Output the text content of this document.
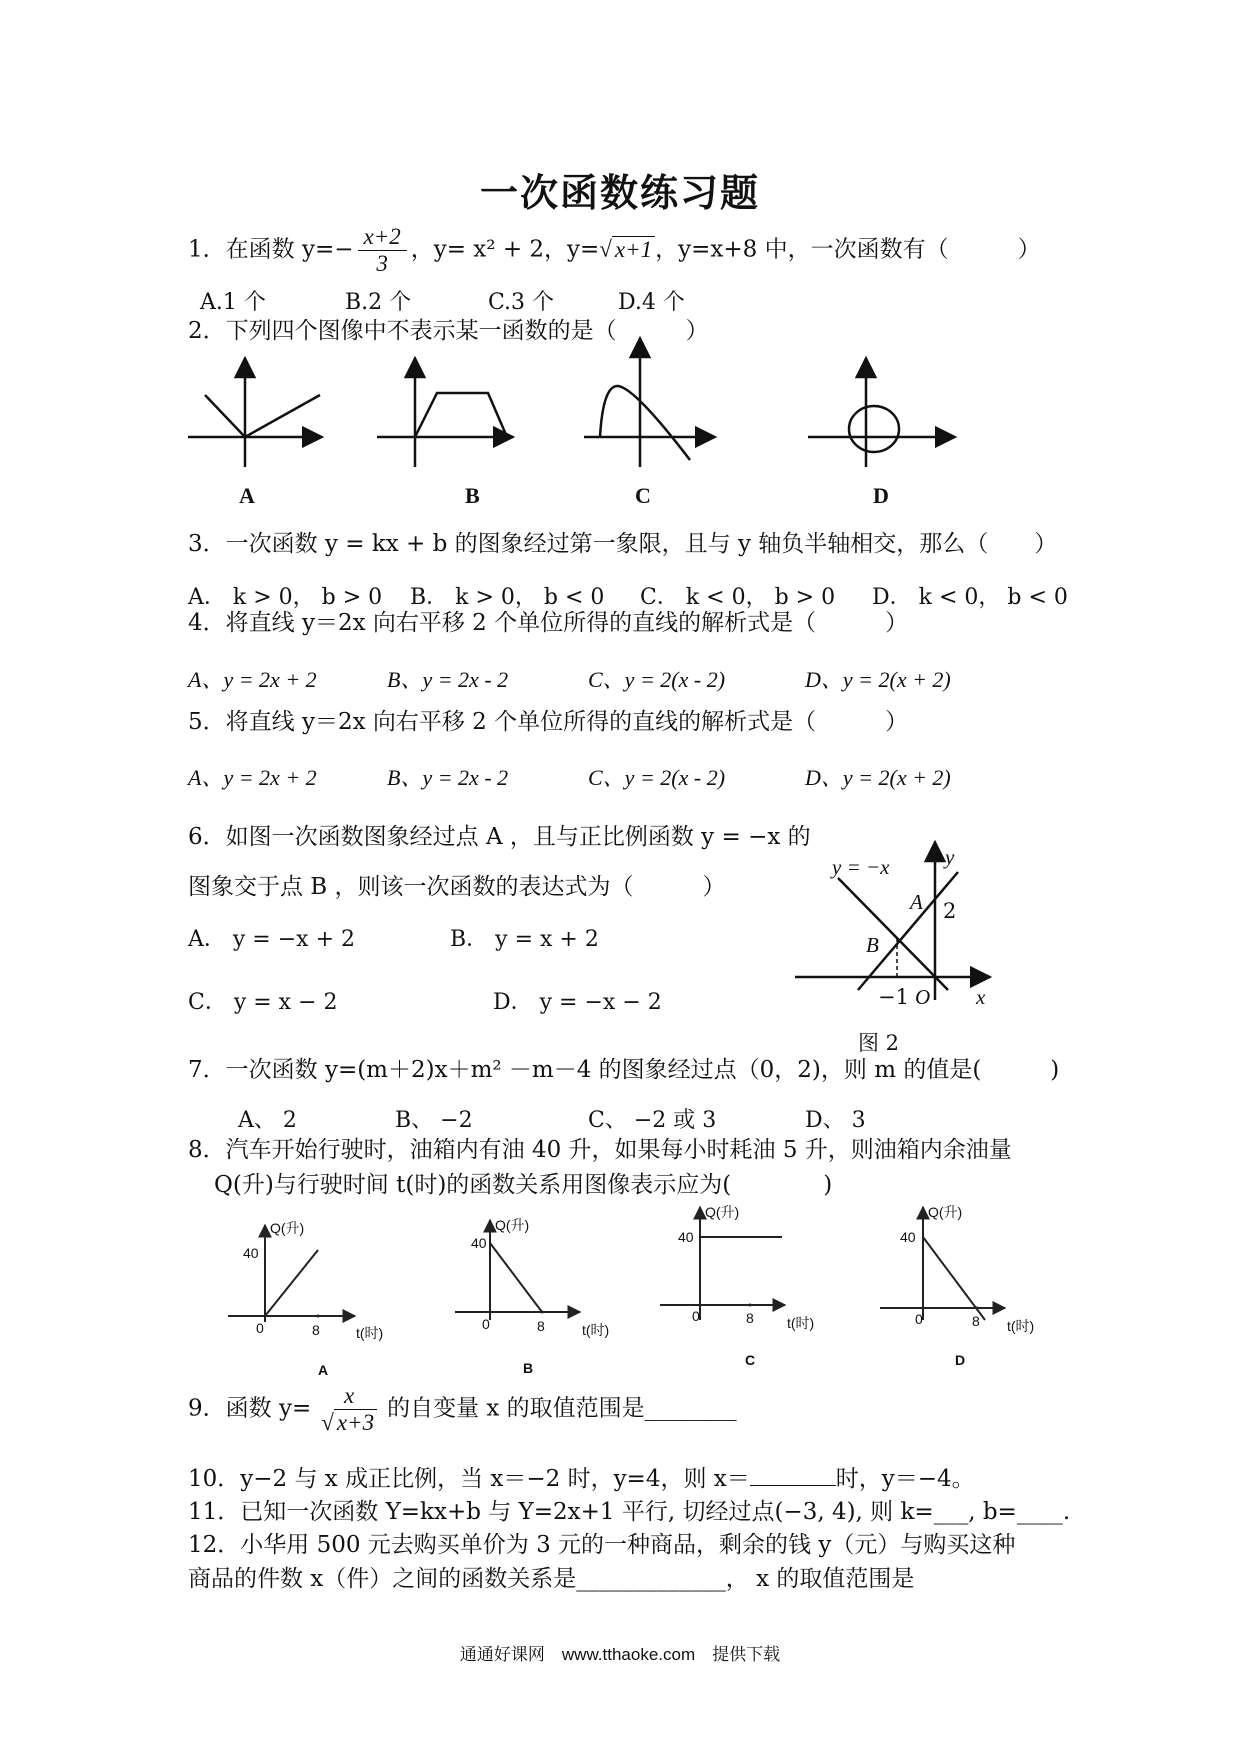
一次函数练习题
1．在函数 $y=- \frac{x+2}{3}$ ，y= x² + 2，y=√ x+1 ，y=x+8 中，一次函数有（　　　）
A.1 个	B.2 个	C.3 个	D.4 个
2．下列四个图像中不表示某一函数的是（　　　）
A	B	C	D
3．一次函数 y = kx + b 的图象经过第一象限，且与 y 轴负半轴相交，那么（　　）
A． k > 0， b > 0 B． k > 0， b < 0 C． k < 0， b > 0 D． k < 0， b < 0
4．将直线 y＝2x 向右平移 2 个单位所得的直线的解析式是（　　　）
A、y = 2x + 2	B、y = 2x - 2	C、y = 2(x - 2)	D、y = 2(x + 2)
5．将直线 y＝2x 向右平移 2 个单位所得的直线的解析式是（　　　）
A、y = 2x + 2	B、y = 2x - 2	C、y = 2(x - 2)	D、y = 2(x + 2)
6．如图一次函数图象经过点 A ，且与正比例函数 y = −x 的
图象交于点 B ，则该一次函数的表达式为（　　　）
A． y = −x + 2	B． y = x + 2
C． y = x − 2	D． y = −x − 2
y = −x	y
A 2
B
−1 O x
图 2
7．一次函数 y=(m＋2)x＋m² －m－4 的图象经过点（0，2)，则 m 的值是(　　　)
A、 2	B、 −2	C、 −2 或 3	D、 3
8．汽车开始行驶时，油箱内有油 40 升，如果每小时耗油 5 升，则油箱内余油量
Q(升)与行驶时间 t(时)的函数关系用图像表示应为(　　　　)
Q(升)
40
0	8	t(时)
A
Q(升)
40
0	8	t(时)
B
Q(升)
40
0	8 t(时)
C
Q(升)
40
0	8 t(时)
D
9．函数 $y= \frac{x}{√ x+3}$ 的自变量 x 的取值范围是________
10．y−2 与 x 成正比例，当 x＝−2 时，y=4，则 x＝	时，y＝−4。
11．已知一次函数 Y=kx+b 与 Y=2x+1 平行, 切经过点(−3, 4), 则 k=___, b=____.
12．小华用 500 元去购买单价为 3 元的一种商品，剩余的钱 y（元）与购买这种
商品的件数 x（件）之间的函数关系是_____________， x 的取值范围是
通通好课网　www.tthaoke.com　提供下载
